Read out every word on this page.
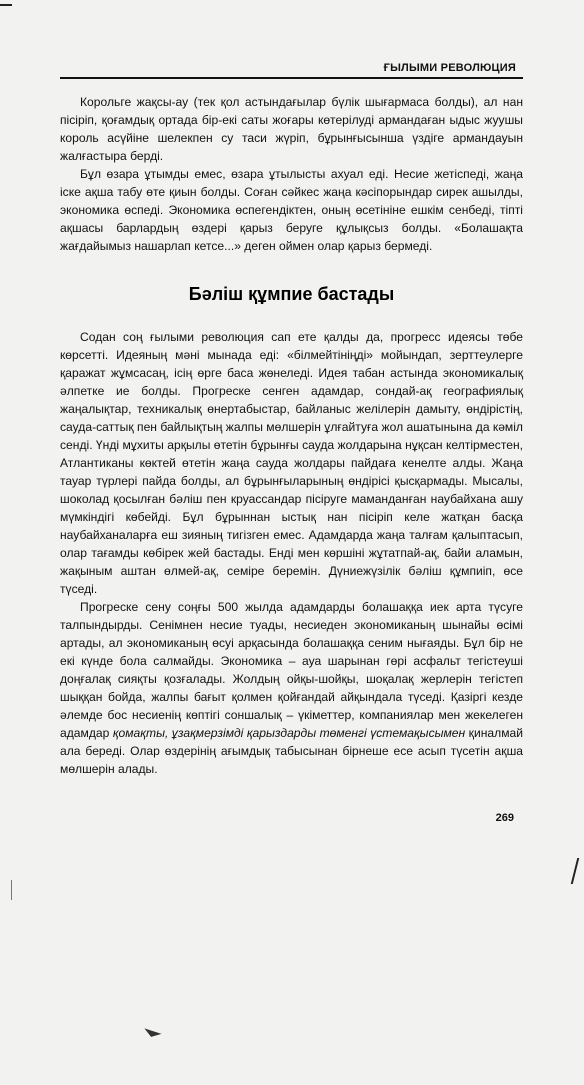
ҒЫЛЫМИ РЕВОЛЮЦИЯ

Корольге жақсы-ау (тек қол астындағылар бүлік шығармаса болды), ал нан пісіріп, қоғамдық ортада бір-екі саты жоғары көтерілуді армандаған ыдыс жуушы король асүйіне шелекпен су таси жүріп, бұрынғысынша үздіге армандауын жалғастыра берді.

Бұл өзара ұтымды емес, өзара ұтылысты ахуал еді. Несие жетіспеді, жаңа іске ақша табу өте қиын болды. Соған сәйкес жаңа кәсіпорындар сирек ашылды, экономика өспеді. Экономика өспегендіктен, оның өсетініне ешкім сенбеді, тіпті ақшасы барлардың өздері қарыз беруге құлықсыз болды. «Болашақта жағдайымыз нашарлап кетсе...» деген оймен олар қарыз бермеді.

Бәліш құмпие бастады

Содан соң ғылыми революция сап ете қалды да, прогресс идеясы төбе көрсетті. Идеяның мәні мынада еді: «білмейтініңді» мойындап, зерттеулерге қаражат жұмсасаң, ісің өрге баса жөнеледі. Идея табан астында экономикалық әлпетке ие болды. Прогреске сенген адамдар, сондай-ақ географиялық жаңалықтар, техникалық өнертабыстар, байланыс желілерін дамыту, өндірістің, сауда-саттық пен байлықтың жалпы мөлшерін ұлғайтуға жол ашатынына да кәміл сенді. Үнді мұхиты арқылы өтетін бұрынғы сауда жолдарына нұқсан келтірместен, Атлантиканы көктей өтетін жаңа сауда жолдары пайдаға кенелте алды. Жаңа тауар түрлері пайда болды, ал бұрынғыларының өндірісі қысқармады. Мысалы, шоколад қосылған бәліш пен круассандар пісіруге маманданған наубайхана ашу мүмкіндігі көбейді. Бұл бұрыннан ыстық нан пісіріп келе жатқан басқа наубайханаларға еш зияның тигізген емес. Адамдарда жаңа талғам қалыптасып, олар тағамды көбірек жей бастады. Енді мен көршіні жұтатпай-ақ, байи аламын, жақыным аштан өлмей-ақ, семіре беремін. Дүниежүзілік бәліш құмпиіп, өсе түседі.

Прогреске сену соңғы 500 жылда адамдарды болашаққа иек арта түсуге талпындырды. Сенімнен несие туады, несиеден экономиканың шынайы өсімі артады, ал экономиканың өсуі арқасында болашаққа сеним нығаяды. Бұл бір не екі күнде бола салмайды. Экономика – ауа шарынан гөрі асфальт тегістеуші доңғалақ сияқты қозғалады. Жолдың ойқы-шойқы, шоқалақ жерлерін тегістеп шыққан бойда, жалпы бағыт қолмен қойғандай айқындала түседі. Қазіргі кезде әлемде бос несиенің көптігі соншалық – үкіметтер, компаниялар мен жекелеген адамдар қомақты, ұзақмерзімді қарыздарды төменгі үстемақысымен қиналмай ала береді. Олар өздерінің ағымдық табысынан бірнеше есе асып түсетін ақша мөлшерін алады.

269
